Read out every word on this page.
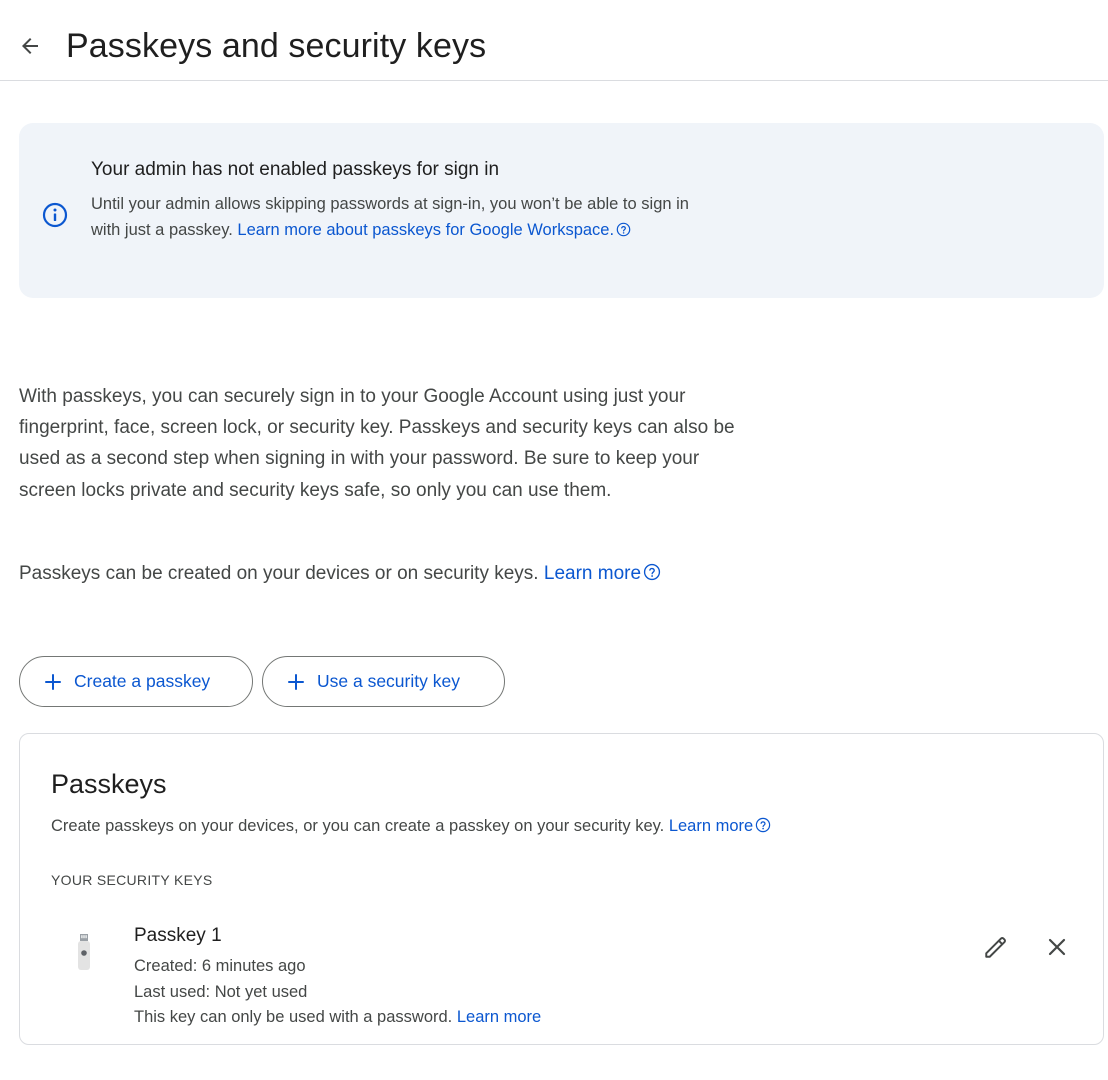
Passkeys and security keys
Your admin has not enabled passkeys for sign in

Until your admin allows skipping passwords at sign-in, you won’t be able to sign in with just a passkey. Learn more about passkeys for Google Workspace.

With passkeys, you can securely sign in to your Google Account using just your fingerprint, face, screen lock, or security key. Passkeys and security keys can also be used as a second step when signing in with your password. Be sure to keep your screen locks private and security keys safe, so only you can use them.

Passkeys can be created on your devices or on security keys. Learn more

Create a passkey	Use a security key
Passkeys

Create passkeys on your devices, or you can create a passkey on your security key. Learn more

YOUR SECURITY KEYS

Passkey 1

Created: 6 minutes ago

Last used: Not yet used

This key can only be used with a password. Learn more
